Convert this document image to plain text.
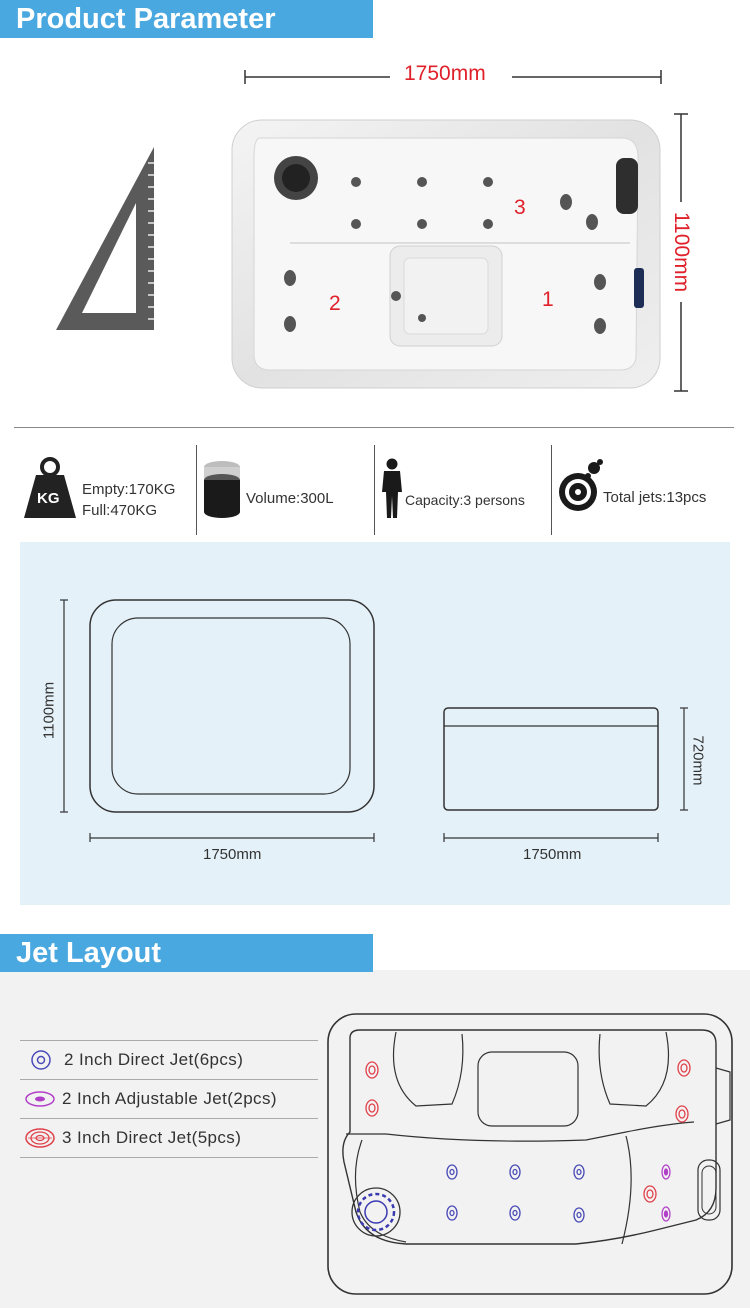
Product Parameter
1750mm
1100mm
1
2
3
KG
Empty:170KG
Full:470KG
Volume:300L	Capacity:3 persons	Total jets:13pcs
1100mm
1750mm
720mm
1750mm
Jet Layout
2 Inch Direct Jet(6pcs)
2 Inch Adjustable Jet(2pcs)
3 Inch Direct Jet(5pcs)
